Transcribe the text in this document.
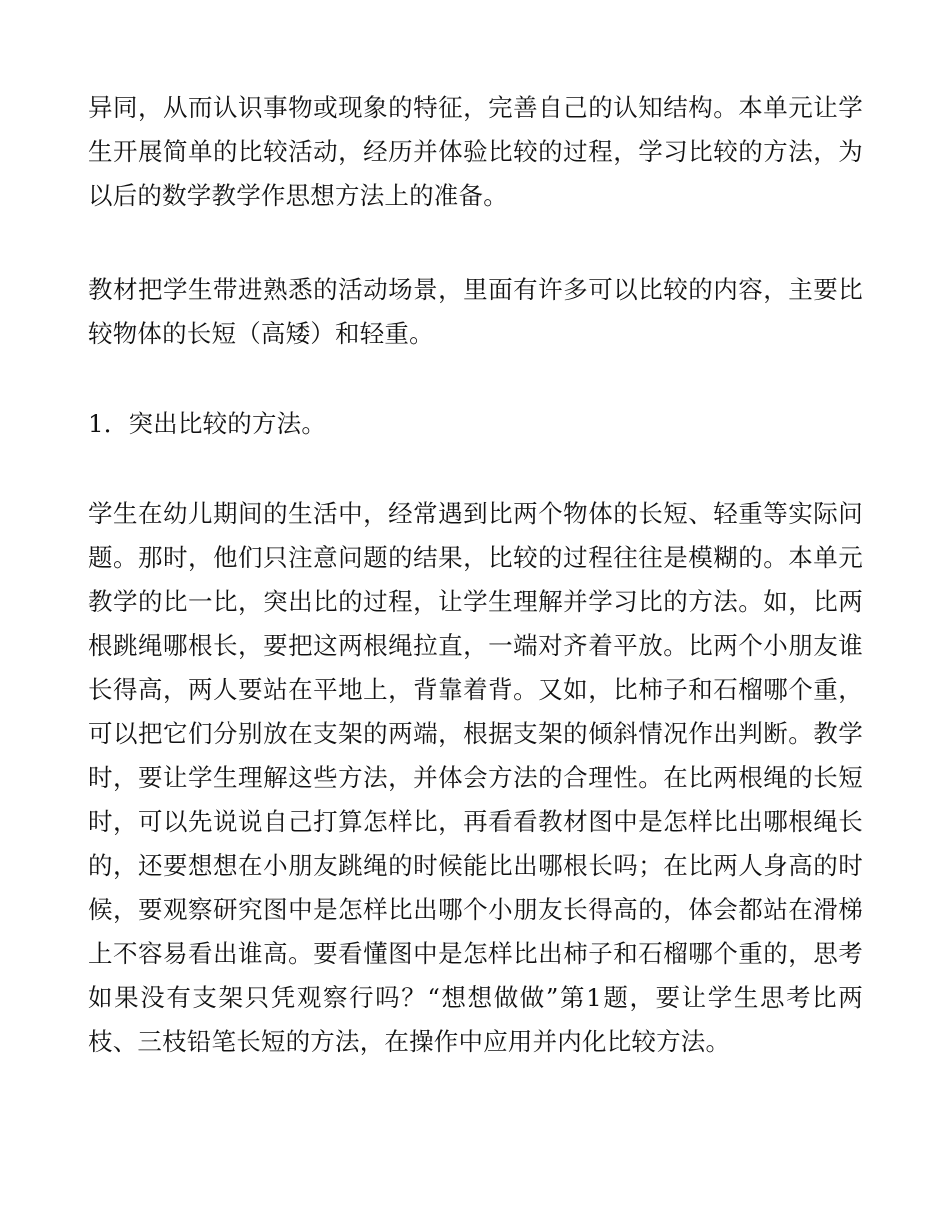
异同，从而认识事物或现象的特征，完善自己的认知结构。本单元让学生开展简单的比较活动，经历并体验比较的过程，学习比较的方法，为以后的数学教学作思想方法上的准备。

教材把学生带进熟悉的活动场景，里面有许多可以比较的内容，主要比较物体的长短（高矮）和轻重。

1．突出比较的方法。

学生在幼儿期间的生活中，经常遇到比两个物体的长短、轻重等实际问题。那时，他们只注意问题的结果，比较的过程往往是模糊的。本单元教学的比一比，突出比的过程，让学生理解并学习比的方法。如，比两根跳绳哪根长，要把这两根绳拉直，一端对齐着平放。比两个小朋友谁长得高，两人要站在平地上，背靠着背。又如，比柿子和石榴哪个重，可以把它们分别放在支架的两端，根据支架的倾斜情况作出判断。教学时，要让学生理解这些方法，并体会方法的合理性。在比两根绳的长短时，可以先说说自己打算怎样比，再看看教材图中是怎样比出哪根绳长的，还要想想在小朋友跳绳的时候能比出哪根长吗；在比两人身高的时候，要观察研究图中是怎样比出哪个小朋友长得高的，体会都站在滑梯上不容易看出谁高。要看懂图中是怎样比出柿子和石榴哪个重的，思考如果没有支架只凭观察行吗？“想想做做”第1题，要让学生思考比两枝、三枝铅笔长短的方法，在操作中应用并内化比较方法。
